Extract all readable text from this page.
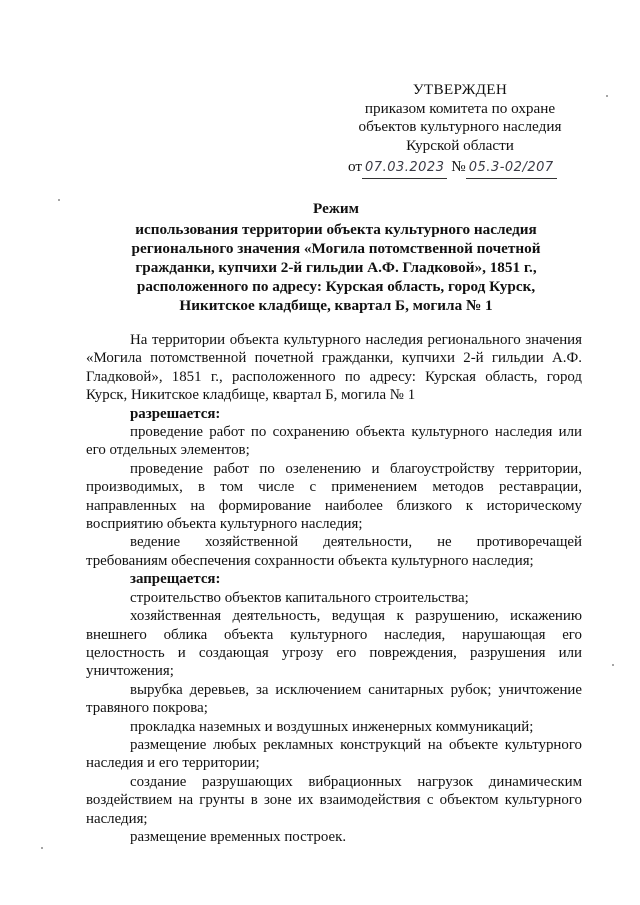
УТВЕРЖДЕН
приказом комитета по охране
объектов культурного наследия
Курской области
от 07.03.2023 № 05.3-02/207
Режим
использования территории объекта культурного наследия регионального значения «Могила потомственной почетной гражданки, купчихи 2-й гильдии А.Ф. Гладковой», 1851 г., расположенного по адресу: Курская область, город Курск, Никитское кладбище, квартал Б, могила № 1

На территории объекта культурного наследия регионального значения «Могила потомственной почетной гражданки, купчихи 2-й гильдии А.Ф. Гладковой», 1851 г., расположенного по адресу: Курская область, город Курск, Никитское кладбище, квартал Б, могила № 1

разрешается:

проведение работ по сохранению объекта культурного наследия или его отдельных элементов;

проведение работ по озеленению и благоустройству территории, производимых, в том числе с применением методов реставрации, направленных на формирование наиболее близкого к историческому восприятию объекта культурного наследия;

ведение хозяйственной деятельности, не противоречащей требованиям обеспечения сохранности объекта культурного наследия;

запрещается:

строительство объектов капитального строительства;

хозяйственная деятельность, ведущая к разрушению, искажению внешнего облика объекта культурного наследия, нарушающая его целостность и создающая угрозу его повреждения, разрушения или уничтожения;

вырубка деревьев, за исключением санитарных рубок; уничтожение травяного покрова;

прокладка наземных и воздушных инженерных коммуникаций;

размещение любых рекламных конструкций на объекте культурного наследия и его территории;

создание разрушающих вибрационных нагрузок динамическим воздействием на грунты в зоне их взаимодействия с объектом культурного наследия;

размещение временных построек.
